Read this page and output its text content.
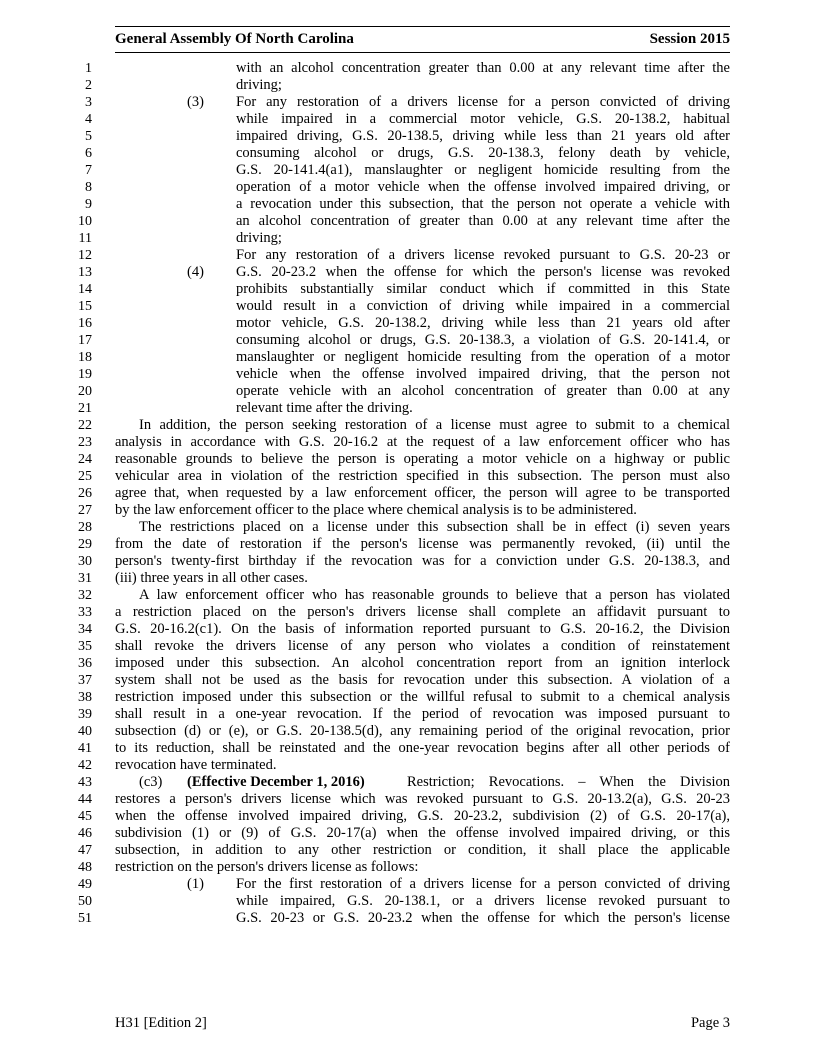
General Assembly Of North Carolina	Session 2015
1
2
3
4
5
6
7
8
9
10
11
12
13
14
15
16
17
18
19
20
21
22
23
24
25
26
27
28
29
30
31
32
33
34
35
36
37
38
39
40
41
42
43
44
45
46
47
48
49
50
51
(3)
(4)
(1)
with an alcohol concentration greater than 0.00 at any relevant time after the
driving;
For any restoration of a drivers license for a person convicted of driving
while impaired in a commercial motor vehicle, G.S. 20-138.2, habitual
impaired driving, G.S. 20-138.5, driving while less than 21 years old after
consuming alcohol or drugs, G.S. 20-138.3, felony death by vehicle,
G.S. 20-141.4(a1), manslaughter or negligent homicide resulting from the
operation of a motor vehicle when the offense involved impaired driving, or
a revocation under this subsection, that the person not operate a vehicle with
an alcohol concentration of greater than 0.00 at any relevant time after the
driving;
For any restoration of a drivers license revoked pursuant to G.S. 20-23 or
G.S. 20-23.2 when the offense for which the person's license was revoked
prohibits substantially similar conduct which if committed in this State
would result in a conviction of driving while impaired in a commercial
motor vehicle, G.S. 20-138.2, driving while less than 21 years old after
consuming alcohol or drugs, G.S. 20-138.3, a violation of G.S. 20-141.4, or
manslaughter or negligent homicide resulting from the operation of a motor
vehicle when the offense involved impaired driving, that the person not
operate vehicle with an alcohol concentration of greater than 0.00 at any
relevant time after the driving.
In addition, the person seeking restoration of a license must agree to submit to a chemical
analysis in accordance with G.S. 20-16.2 at the request of a law enforcement officer who has
reasonable grounds to believe the person is operating a motor vehicle on a highway or public
vehicular area in violation of the restriction specified in this subsection. The person must also
agree that, when requested by a law enforcement officer, the person will agree to be transported
by the law enforcement officer to the place where chemical analysis is to be administered.
The restrictions placed on a license under this subsection shall be in effect (i) seven years
from the date of restoration if the person's license was permanently revoked, (ii) until the
person's twenty-first birthday if the revocation was for a conviction under G.S. 20-138.3, and
(iii) three years in all other cases.
A law enforcement officer who has reasonable grounds to believe that a person has violated
a restriction placed on the person's drivers license shall complete an affidavit pursuant to
G.S. 20-16.2(c1). On the basis of information reported pursuant to G.S. 20-16.2, the Division
shall revoke the drivers license of any person who violates a condition of reinstatement
imposed under this subsection. An alcohol concentration report from an ignition interlock
system shall not be used as the basis for revocation under this subsection. A violation of a
restriction imposed under this subsection or the willful refusal to submit to a chemical analysis
shall result in a one-year revocation. If the period of revocation was imposed pursuant to
subsection (d) or (e), or G.S. 20-138.5(d), any remaining period of the original revocation, prior
to its reduction, shall be reinstated and the one-year revocation begins after all other periods of
revocation have terminated.
(c3) (Effective December 1, 2016)	Restriction; Revocations. – When the Division
restores a person's drivers license which was revoked pursuant to G.S. 20-13.2(a), G.S. 20-23
when the offense involved impaired driving, G.S. 20-23.2, subdivision (2) of G.S. 20-17(a),
subdivision (1) or (9) of G.S. 20-17(a) when the offense involved impaired driving, or this
subsection, in addition to any other restriction or condition, it shall place the applicable
restriction on the person's drivers license as follows:
For the first restoration of a drivers license for a person convicted of driving
while impaired, G.S. 20-138.1, or a drivers license revoked pursuant to
G.S. 20-23 or G.S. 20-23.2 when the offense for which the person's license
H31 [Edition 2]	Page 3
